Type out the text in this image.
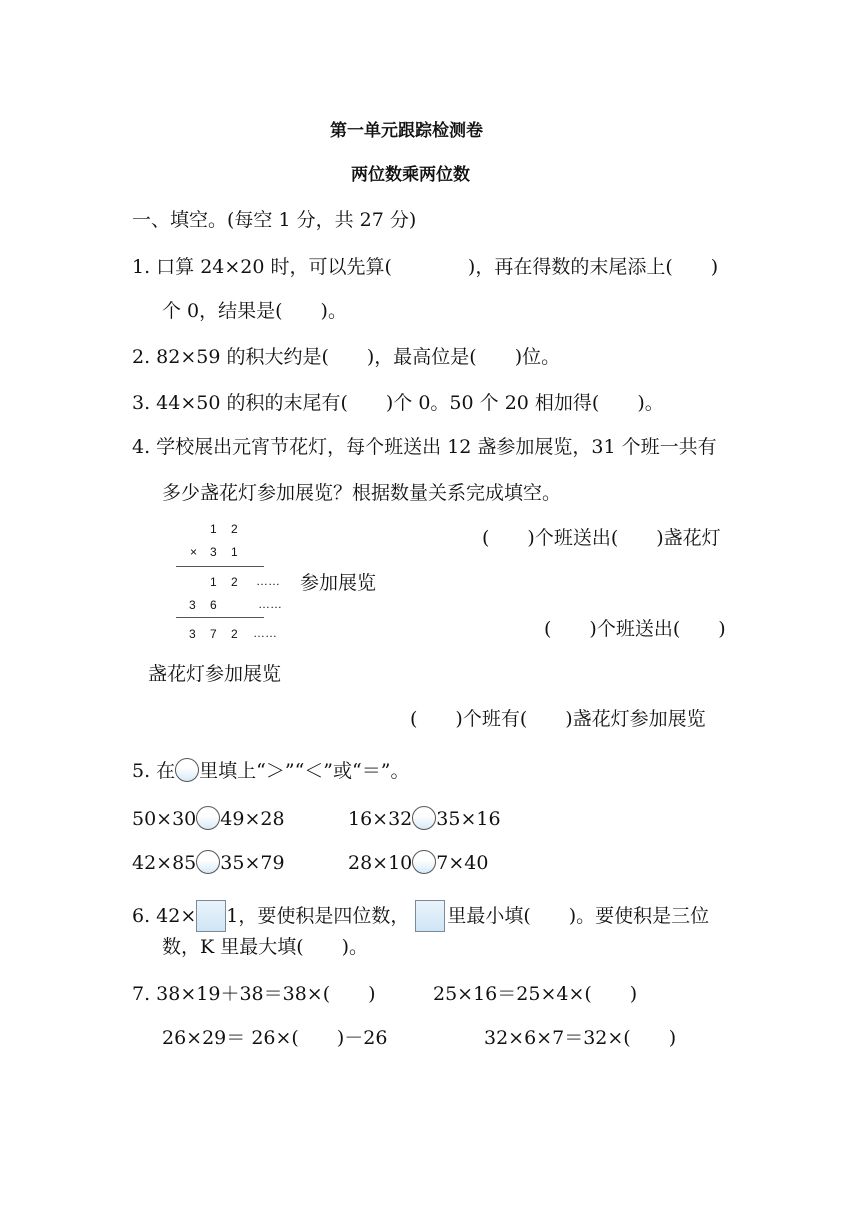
第一单元跟踪检测卷
两位数乘两位数
一、填空。(每空 1 分，共 27 分)
1. 口算 24×20 时，可以先算(　　　　)，再在得数的末尾添上(　　)
个 0，结果是(　　)。
2. 82×59 的积大约是(　　)，最高位是(　　)位。
3. 44×50 的积的末尾有(　　)个 0。50 个 20 相加得(　　)。
4. 学校展出元宵节花灯，每个班送出 12 盏参加展览，31 个班一共有
多少盏花灯参加展览？根据数量关系完成填空。
1 2
× 3 1
1 2 ……
3 6	……
3 7 2 ……
(　　)个班送出(　　)盏花灯
参加展览
(　　)个班送出(　　)
盏花灯参加展览
(　　)个班有(　　)盏花灯参加展览
5. 在 里填上“＞”“＜”或“＝”。
50×30 49×28	16×32 35×16
42×85 35×79	28×10 7×40
6. 42× 1，要使积是四位数， 里最小填(　　)。要使积是三位
数，K 里最大填(　　)。
7. 38×19＋38＝38×(　　)	25×16＝25×4×(　　)
26×29＝ 26×(　　)－26	32×6×7＝32×(　　)
